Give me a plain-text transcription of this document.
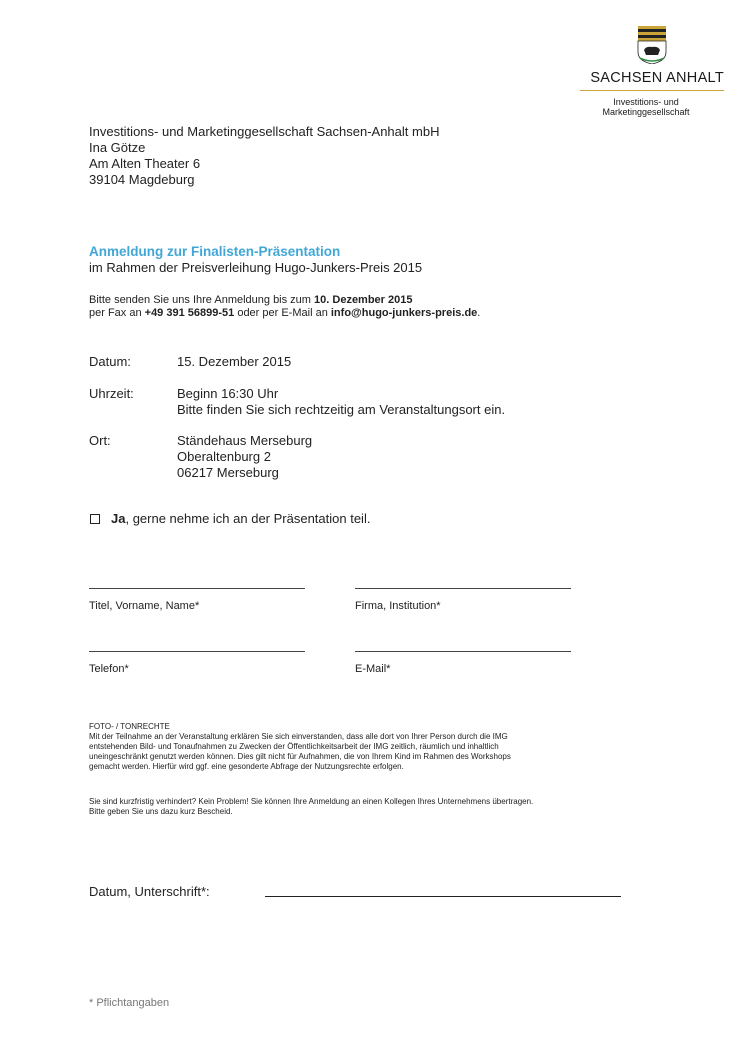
SACHSEN ANHALT
Investitions- und
Marketinggesellschaft
Investitions- und Marketinggesellschaft Sachsen-Anhalt mbH
Ina Götze
Am Alten Theater 6
39104 Magdeburg
Anmeldung zur Finalisten-Präsentation
im Rahmen der Preisverleihung Hugo-Junkers-Preis 2015
Bitte senden Sie uns Ihre Anmeldung bis zum 10. Dezember 2015
per Fax an +49 391 56899-51 oder per E-Mail an info@hugo-junkers-preis.de.
Datum:	15. Dezember 2015
Uhrzeit:	Beginn 16:30 Uhr
Bitte finden Sie sich rechtzeitig am Veranstaltungsort ein.
Ort:	Ständehaus Merseburg
Oberaltenburg 2
06217 Merseburg
Ja, gerne nehme ich an der Präsentation teil.
Titel, Vorname, Name*	Firma, Institution*
Telefon*	E-Mail*
FOTO- / TONRECHTE
Mit der Teilnahme an der Veranstaltung erklären Sie sich einverstanden, dass alle dort von Ihrer Person durch die IMG
entstehenden Bild- und Tonaufnahmen zu Zwecken der Öffentlichkeitsarbeit der IMG zeitlich, räumlich und inhaltlich
uneingeschränkt genutzt werden können. Dies gilt nicht für Aufnahmen, die von Ihrem Kind im Rahmen des Workshops
gemacht werden. Hierfür wird ggf. eine gesonderte Abfrage der Nutzungsrechte erfolgen.
Sie sind kurzfristig verhindert? Kein Problem! Sie können Ihre Anmeldung an einen Kollegen Ihres Unternehmens übertragen.
Bitte geben Sie uns dazu kurz Bescheid.
Datum, Unterschrift*:
* Pflichtangaben
